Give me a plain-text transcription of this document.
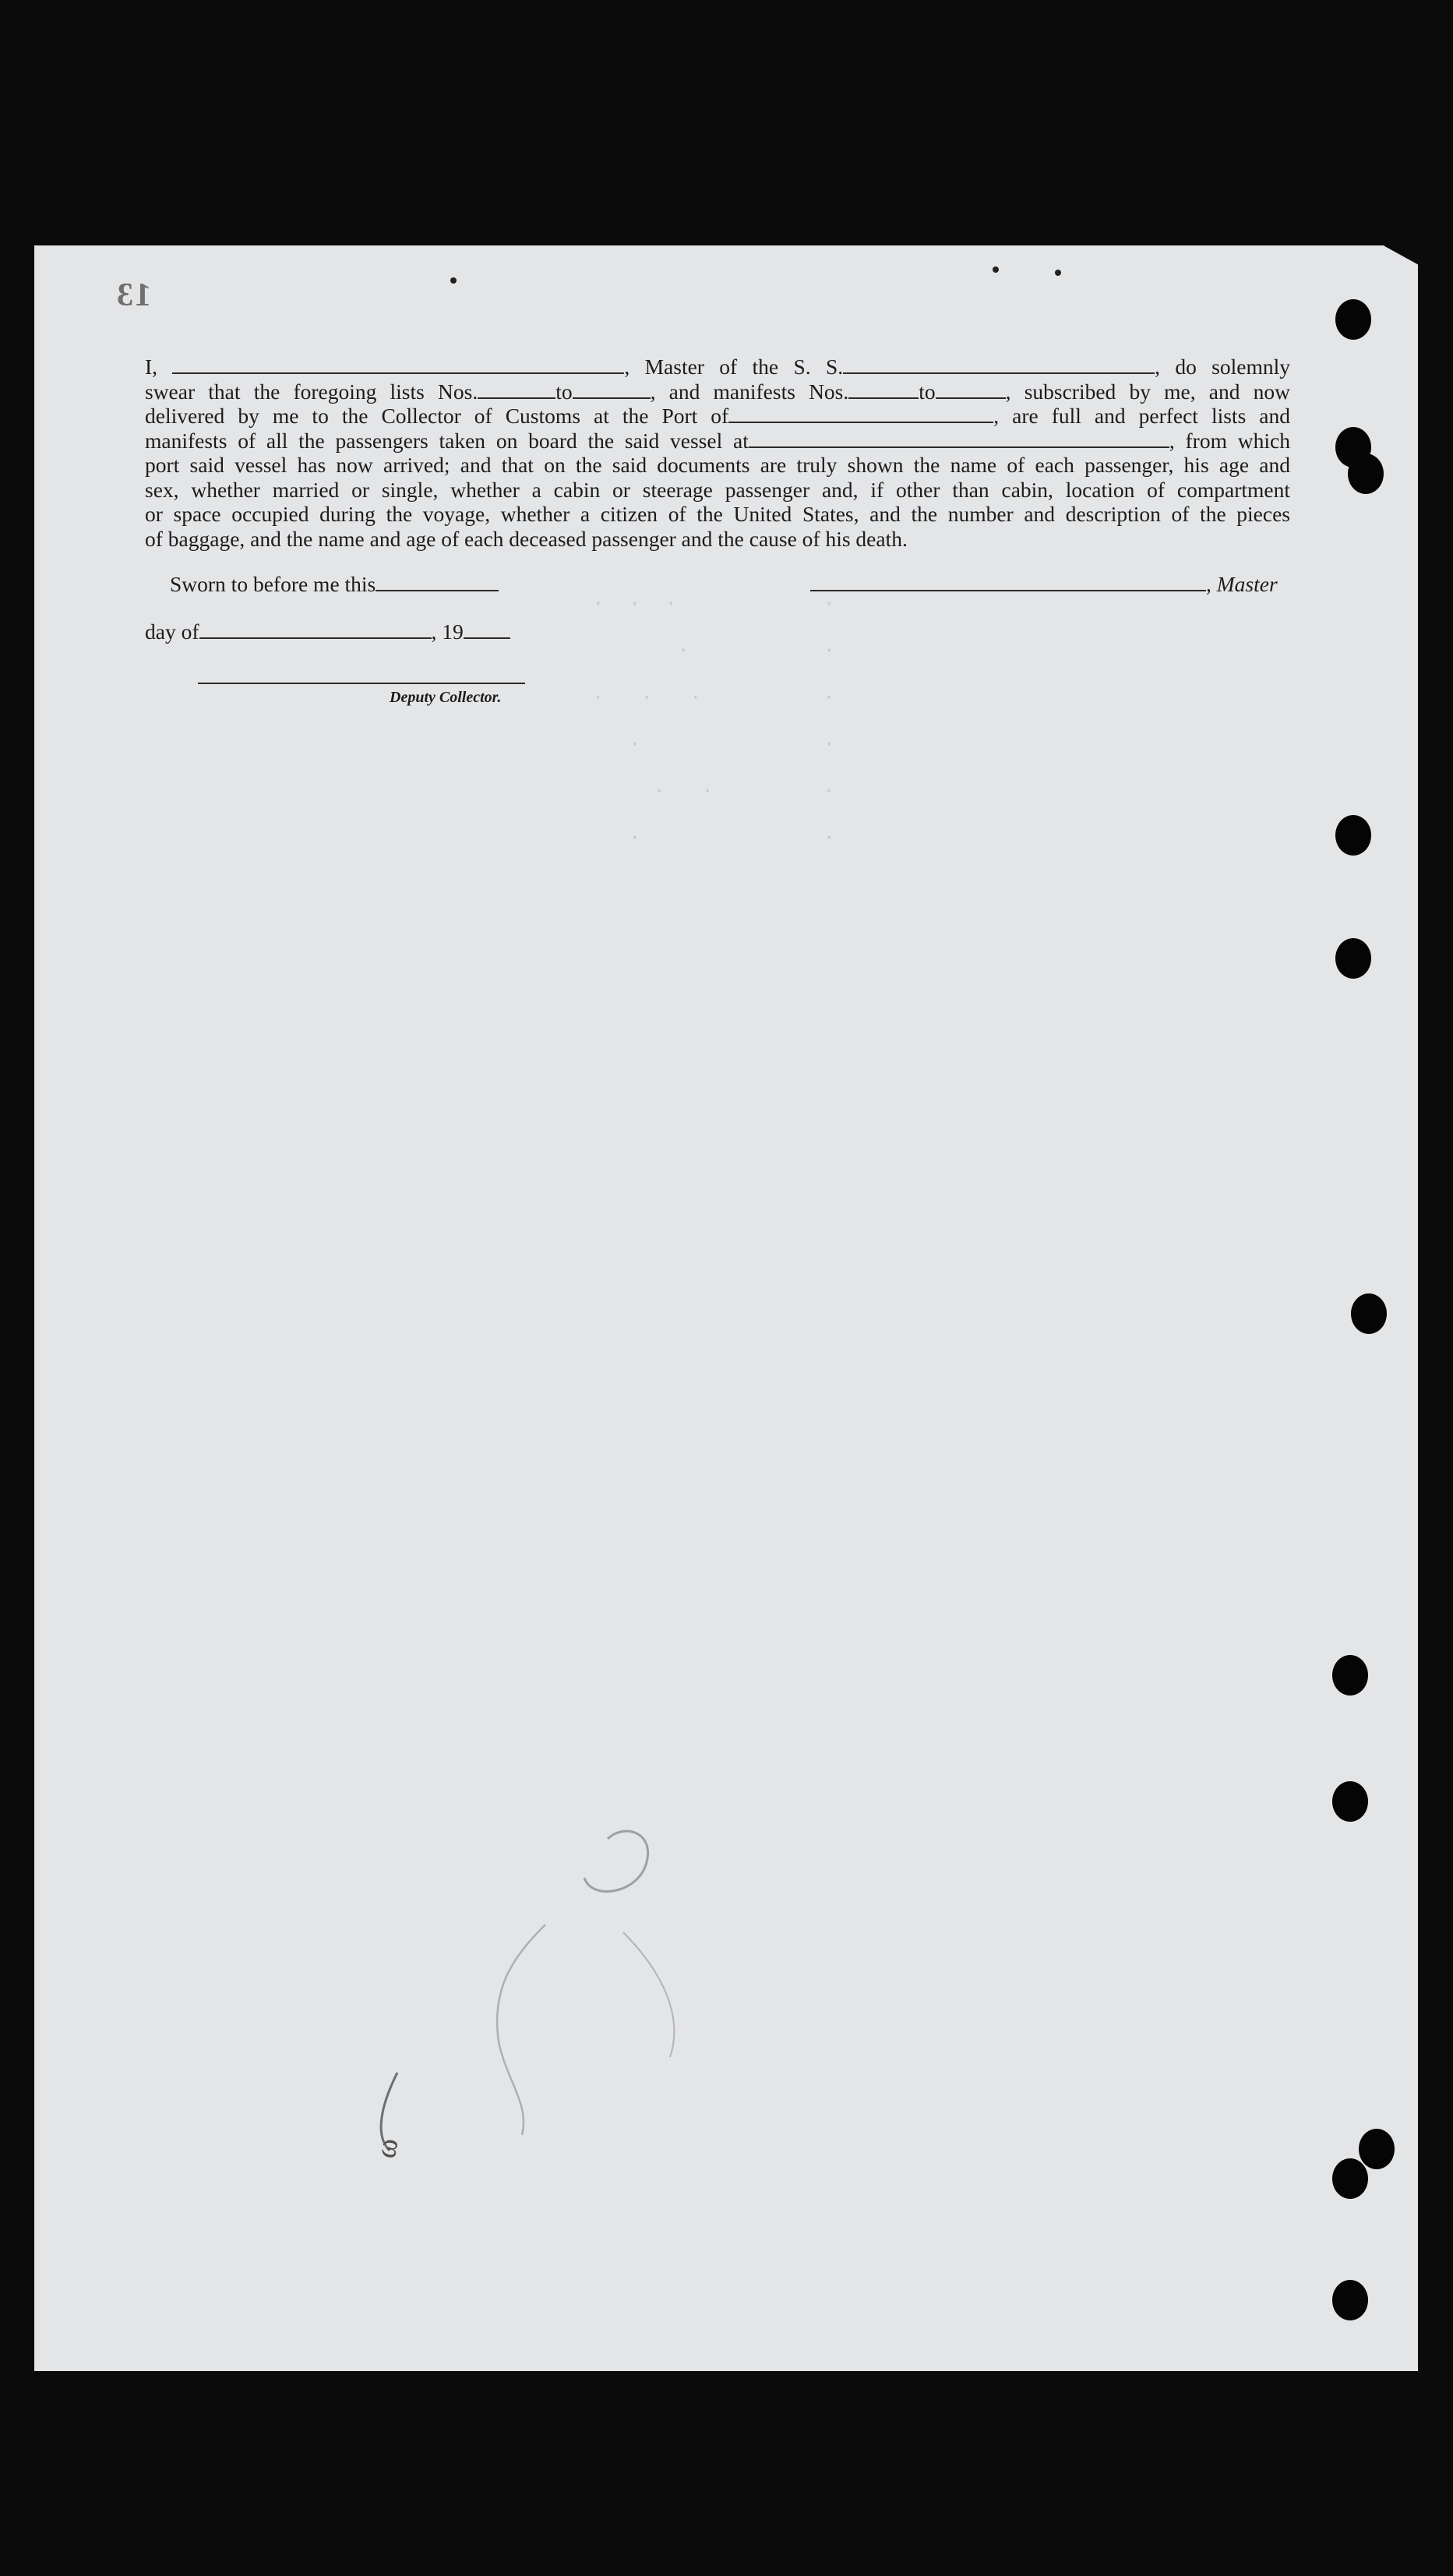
13

·            ·  ·  ·

·           ·

·          ·   ·   ·

·               ·

·         ·   ·

·               ·

I,	, Master of the S. S.	, do solemnly
swear that the foregoing lists Nos.	to	, and manifests Nos.	to	, subscribed by me, and now
delivered by me to the Collector of Customs at the Port of	, are full and perfect lists and
manifests of all the passengers taken on board the said vessel at	, from which
port said vessel has now arrived; and that on the said documents are truly shown the name of each passenger, his age and
sex, whether married or single, whether a cabin or steerage passenger and, if other than cabin, location of compartment
or space occupied during the voyage, whether a citizen of the United States, and the number and description of the pieces
of baggage, and the name and age of each deceased passenger and the cause of his death.
Sworn to before me this	, Master
day of	, 19
Deputy Collector.
ω
